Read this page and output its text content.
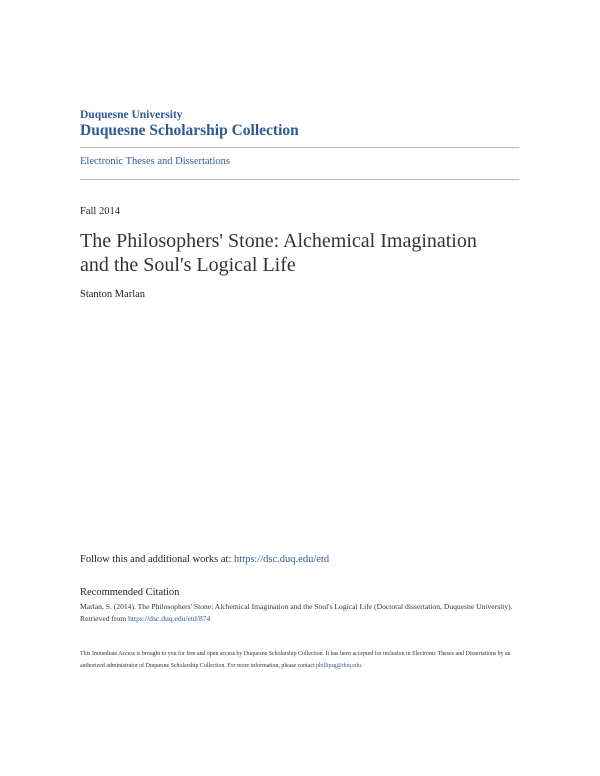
Duquesne University
Duquesne Scholarship Collection
Electronic Theses and Dissertations
Fall 2014
The Philosophers' Stone: Alchemical Imagination
and the Soul's Logical Life
Stanton Marlan
Follow this and additional works at: https://dsc.duq.edu/etd
Recommended Citation
Marlan, S. (2014). The Philosophers' Stone: Alchemical Imagination and the Soul's Logical Life (Doctoral dissertation, Duquesne University). Retrieved from https://dsc.duq.edu/etd/874
This Immediate Access is brought to you for free and open access by Duquesne Scholarship Collection. It has been accepted for inclusion in Electronic Theses and Dissertations by an authorized administrator of Duquesne Scholarship Collection. For more information, please contact phillipsg@duq.edu.
